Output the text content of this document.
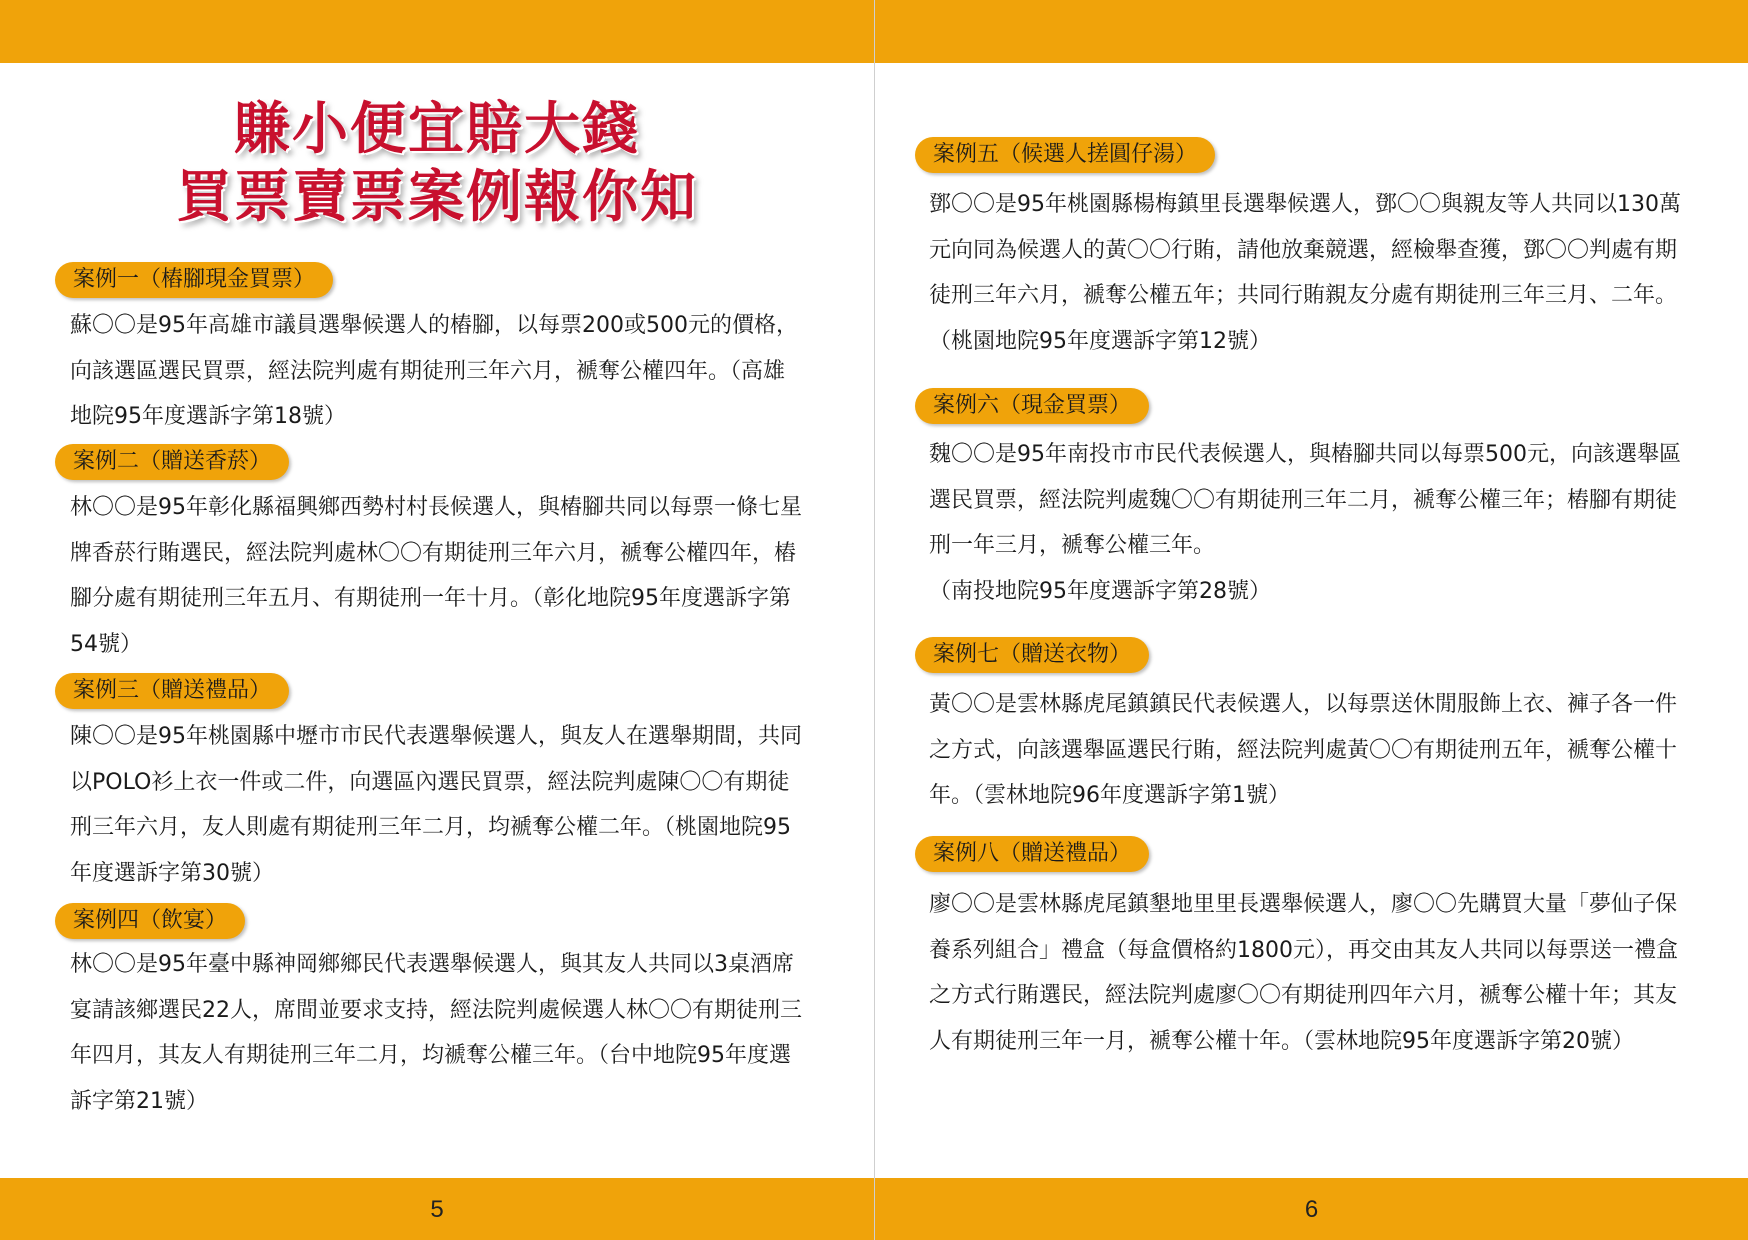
賺小便宜賠大錢
買票賣票案例報你知
案例一（樁腳現金買票）
蘇〇〇是95年高雄市議員選舉候選人的樁腳，以每票200或500元的價格，向該選區選民買票，經法院判處有期徒刑三年六月，褫奪公權四年。（高雄地院95年度選訴字第18號）
案例二（贈送香菸）
林〇〇是95年彰化縣福興鄉西勢村村長候選人，與樁腳共同以每票一條七星牌香菸行賄選民，經法院判處林〇〇有期徒刑三年六月，褫奪公權四年，樁腳分處有期徒刑三年五月、有期徒刑一年十月。（彰化地院95年度選訴字第54號）
案例三（贈送禮品）
陳〇〇是95年桃園縣中壢市市民代表選舉候選人，與友人在選舉期間，共同以POLO衫上衣一件或二件，向選區內選民買票，經法院判處陳〇〇有期徒刑三年六月，友人則處有期徒刑三年二月，均褫奪公權二年。（桃園地院95年度選訴字第30號）
案例四（飲宴）
林〇〇是95年臺中縣神岡鄉鄉民代表選舉候選人，與其友人共同以3桌酒席宴請該鄉選民22人，席間並要求支持，經法院判處候選人林〇〇有期徒刑三年四月，其友人有期徒刑三年二月，均褫奪公權三年。（台中地院95年度選訴字第21號）
5
案例五（候選人搓圓仔湯）
鄧〇〇是95年桃園縣楊梅鎮里長選舉候選人，鄧〇〇與親友等人共同以130萬元向同為候選人的黃〇〇行賄，請他放棄競選，經檢舉查獲，鄧〇〇判處有期徒刑三年六月，褫奪公權五年；共同行賄親友分處有期徒刑三年三月、二年。（桃園地院95年度選訴字第12號）
案例六（現金買票）
魏〇〇是95年南投市市民代表候選人，與樁腳共同以每票500元，向該選舉區選民買票，經法院判處魏〇〇有期徒刑三年二月，褫奪公權三年；樁腳有期徒刑一年三月，褫奪公權三年。
（南投地院95年度選訴字第28號）
案例七（贈送衣物）
黃〇〇是雲林縣虎尾鎮鎮民代表候選人，以每票送休閒服飾上衣、褲子各一件之方式，向該選舉區選民行賄，經法院判處黃〇〇有期徒刑五年，褫奪公權十年。（雲林地院96年度選訴字第1號）
案例八（贈送禮品）
廖〇〇是雲林縣虎尾鎮墾地里里長選舉候選人，廖〇〇先購買大量「夢仙子保養系列組合」禮盒（每盒價格約1800元），再交由其友人共同以每票送一禮盒之方式行賄選民，經法院判處廖〇〇有期徒刑四年六月，褫奪公權十年；其友人有期徒刑三年一月，褫奪公權十年。（雲林地院95年度選訴字第20號）
6
